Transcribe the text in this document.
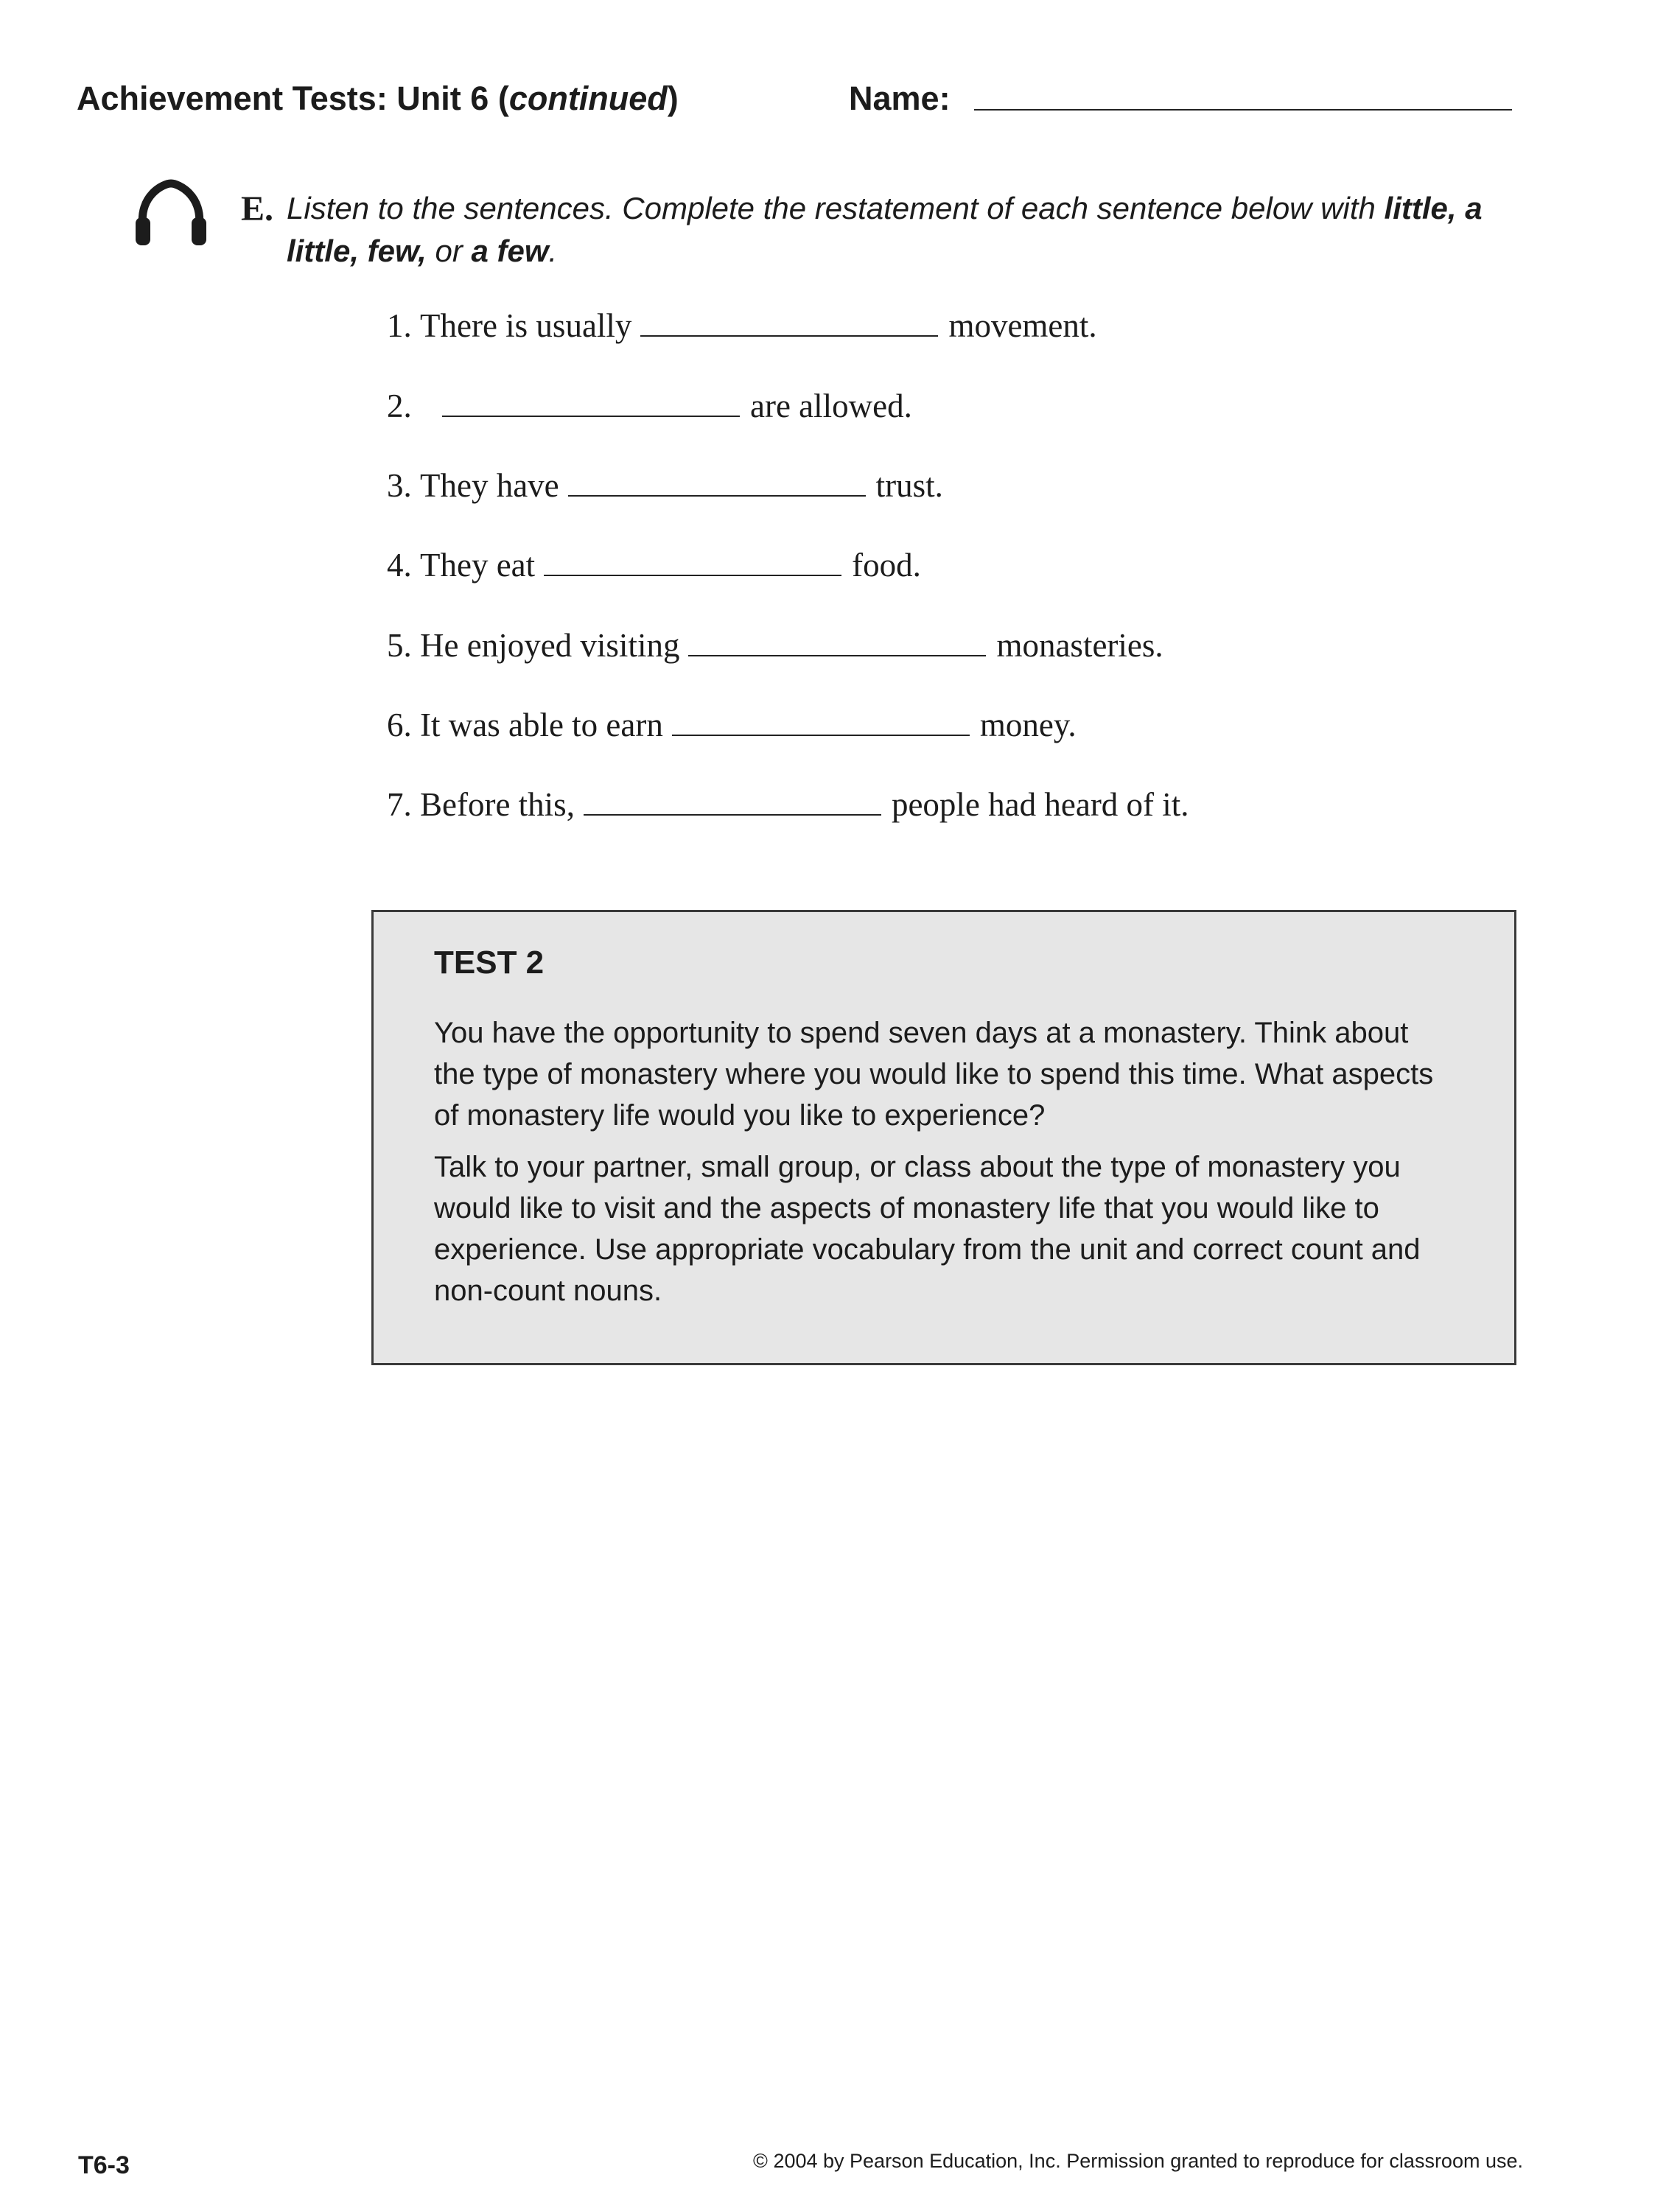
Achievement Tests: Unit 6 (continued)	Name:
E. Listen to the sentences. Complete the restatement of each sentence below with little, a little, few, or a few.
1.
There is usually	movement.
2.
	are allowed.
3.
They have	trust.
4.
They eat	food.
5.
He enjoyed visiting	monasteries.
6.
It was able to earn	money.
7.
Before this,	people had heard of it.
TEST 2

You have the opportunity to spend seven days at a monastery. Think about the type of monastery where you would like to spend this time. What aspects of monastery life would you like to experience?

Talk to your partner, small group, or class about the type of monastery you would like to visit and the aspects of monastery life that you would like to experience. Use appropriate vocabulary from the unit and correct count and non-count nouns.

T6-3	© 2004 by Pearson Education, Inc. Permission granted to reproduce for classroom use.
